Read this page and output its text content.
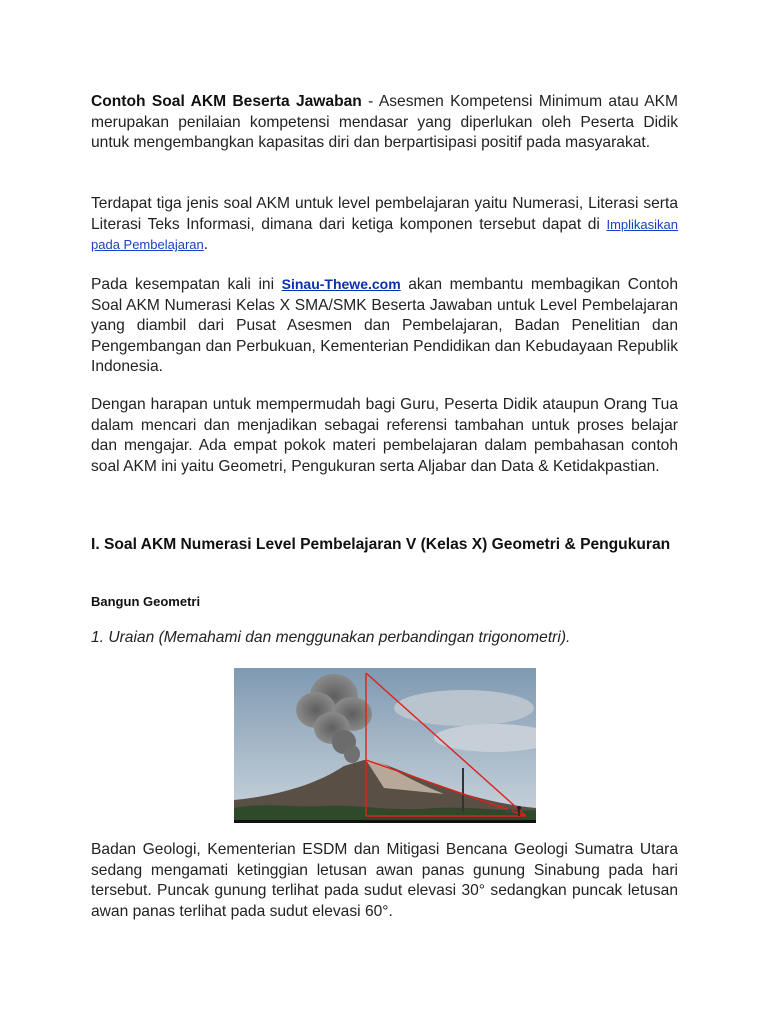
Contoh Soal AKM Beserta Jawaban - Asesmen Kompetensi Minimum atau AKM merupakan penilaian kompetensi mendasar yang diperlukan oleh Peserta Didik untuk mengembangkan kapasitas diri dan berpartisipasi positif pada masyarakat.

Terdapat tiga jenis soal AKM untuk level pembelajaran yaitu Numerasi, Literasi serta Literasi Teks Informasi, dimana dari ketiga komponen tersebut dapat di Implikasikan pada Pembelajaran.

Pada kesempatan kali ini Sinau-Thewe.com akan membantu membagikan Contoh Soal AKM Numerasi Kelas X SMA/SMK Beserta Jawaban untuk Level Pembelajaran yang diambil dari Pusat Asesmen dan Pembelajaran, Badan Penelitian dan Pengembangan dan Perbukuan, Kementerian Pendidikan dan Kebudayaan Republik Indonesia.

Dengan harapan untuk mempermudah bagi Guru, Peserta Didik ataupun Orang Tua dalam mencari dan menjadikan sebagai referensi tambahan untuk proses belajar dan mengajar. Ada empat pokok materi pembelajaran dalam pembahasan contoh soal AKM ini yaitu Geometri, Pengukuran serta Aljabar dan Data & Ketidakpastian.

I. Soal AKM Numerasi Level Pembelajaran V (Kelas X) Geometri & Pengukuran

Bangun Geometri

1. Uraian (Memahami dan menggunakan perbandingan trigonometri).

Badan Geologi, Kementerian ESDM dan Mitigasi Bencana Geologi Sumatra Utara sedang mengamati ketinggian letusan awan panas gunung Sinabung pada hari tersebut. Puncak gunung terlihat pada sudut elevasi 30° sedangkan puncak letusan awan panas terlihat pada sudut elevasi 60°.
